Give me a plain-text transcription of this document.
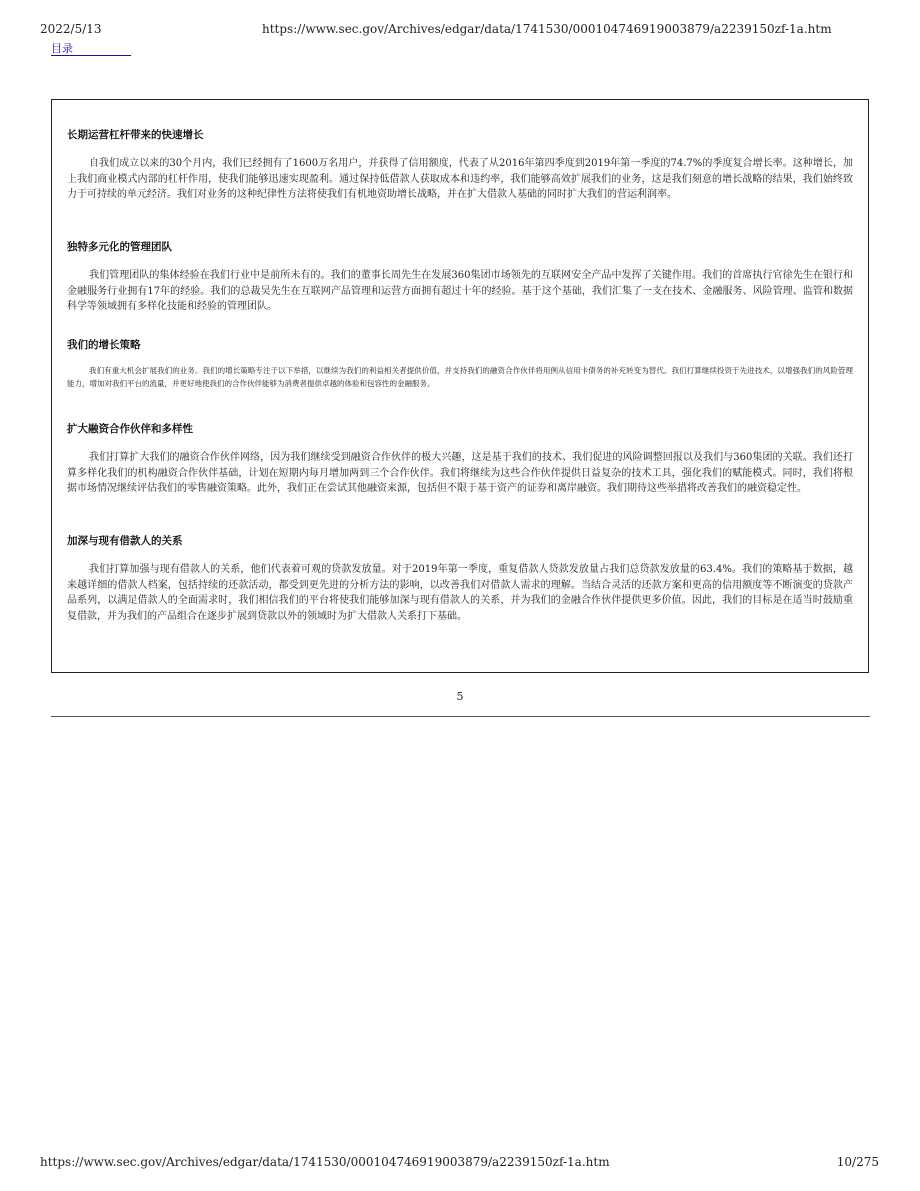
2022/5/13	https://www.sec.gov/Archives/edgar/data/1741530/000104746919003879/a2239150zf-1a.htm
目录

长期运营杠杆带来的快速增长

自我们成立以来的30个月内，我们已经拥有了1600万名用户，并获得了信用额度，代表了从2016年第四季度到2019年第一季度的74.7%的季度复合增长率。这种增长，加上我们商业模式内部的杠杆作用，使我们能够迅速实现盈利。通过保持低借款人获取成本和违约率，我们能够高效扩展我们的业务，这是我们刻意的增长战略的结果，我们始终致力于可持续的单元经济。我们对业务的这种纪律性方法将使我们有机地资助增长战略，并在扩大借款人基础的同时扩大我们的营运利润率。

独特多元化的管理团队

我们管理团队的集体经验在我们行业中是前所未有的。我们的董事长周先生在发展360集团市场领先的互联网安全产品中发挥了关键作用。我们的首席执行官徐先生在银行和金融服务行业拥有17年的经验。我们的总裁吴先生在互联网产品管理和运营方面拥有超过十年的经验。基于这个基础，我们汇集了一支在技术、金融服务、风险管理、监管和数据科学等领域拥有多样化技能和经验的管理团队。

我们的增长策略

我们有重大机会扩展我们的业务。我们的增长策略专注于以下举措，以继续为我们的利益相关者提供价值，并支持我们的融资合作伙伴将用例从信用卡债务的补充转变为替代。我们打算继续投资于先进技术，以增强我们的风险管理能力，增加对我们平台的流量，并更好地使我们的合作伙伴能够为消费者提供卓越的体验和包容性的金融服务。

扩大融资合作伙伴和多样性

我们打算扩大我们的融资合作伙伴网络，因为我们继续受到融资合作伙伴的极大兴趣，这是基于我们的技术、我们促进的风险调整回报以及我们与360集团的关联。我们还打算多样化我们的机构融资合作伙伴基础，计划在短期内每月增加两到三个合作伙伴。我们将继续为这些合作伙伴提供日益复杂的技术工具，强化我们的赋能模式。同时，我们将根据市场情况继续评估我们的零售融资策略。此外，我们正在尝试其他融资来源，包括但不限于基于资产的证券和离岸融资。我们期待这些举措将改善我们的融资稳定性。

加深与现有借款人的关系

我们打算加强与现有借款人的关系，他们代表着可观的贷款发放量。对于2019年第一季度，重复借款人贷款发放量占我们总贷款发放量的63.4%。我们的策略基于数据，越来越详细的借款人档案，包括持续的还款活动，都受到更先进的分析方法的影响，以改善我们对借款人需求的理解。当结合灵活的还款方案和更高的信用额度等不断演变的贷款产品系列，以满足借款人的全面需求时，我们相信我们的平台将使我们能够加深与现有借款人的关系，并为我们的金融合作伙伴提供更多价值。因此，我们的目标是在适当时鼓励重复借款，并为我们的产品组合在逐步扩展到贷款以外的领域时为扩大借款人关系打下基础。

5
https://www.sec.gov/Archives/edgar/data/1741530/000104746919003879/a2239150zf-1a.htm	10/275
